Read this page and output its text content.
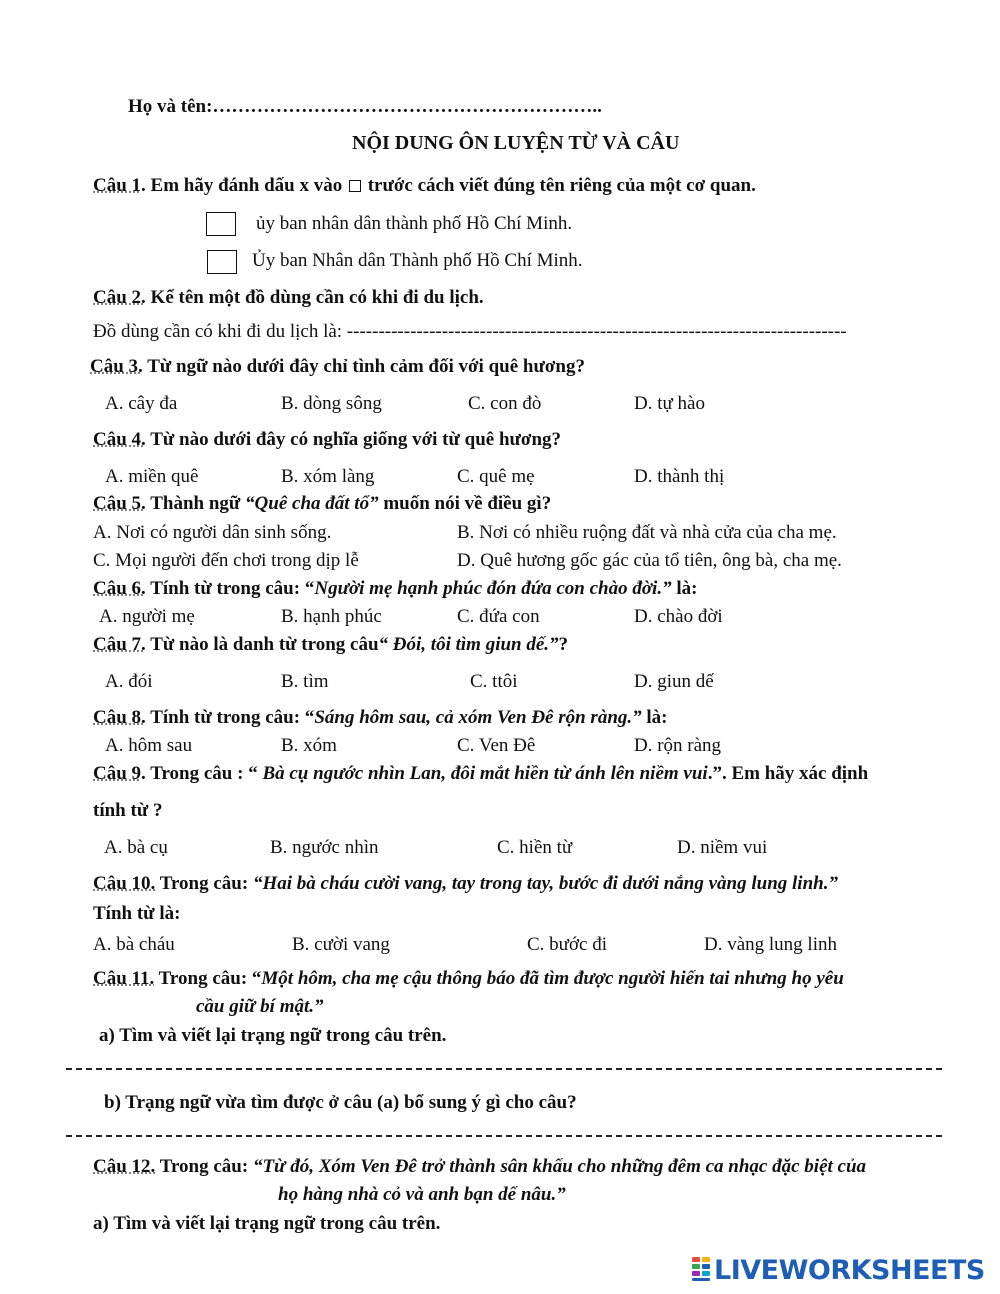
Họ và tên:……………………………………………………..
NỘI DUNG ÔN LUYỆN TỪ VÀ CÂU
Câu 1. Em hãy đánh dấu x vào trước cách viết đúng tên riêng của một cơ quan.
ủy ban nhân dân thành phố Hồ Chí Minh.
Ủy ban Nhân dân Thành phố Hồ Chí Minh.
Câu 2. Kể tên một đồ dùng cần có khi đi du lịch.
Đồ dùng cần có khi đi du lịch là: -------------------------------------------------------------------------------
Câu 3. Từ ngữ nào dưới đây chỉ tình cảm đối với quê hương?
A. cây đa	B. dòng sông	C. con đò	D. tự hào
Câu 4. Từ nào dưới đây có nghĩa giống với từ quê hương?
A. miền quê	B. xóm làng	C. quê mẹ	D. thành thị
Câu 5. Thành ngữ “Quê cha đất tổ” muốn nói về điều gì?
A. Nơi có người dân sinh sống.	B. Nơi có nhiều ruộng đất và nhà cửa của cha mẹ.
C. Mọi người đến chơi trong dịp lễ	D. Quê hương gốc gác của tổ tiên, ông bà, cha mẹ.
Câu 6. Tính từ trong câu: “Người mẹ hạnh phúc đón đứa con chào đời.” là:
A. người mẹ	B. hạnh phúc	C. đứa con	D. chào đời
Câu 7. Từ nào là danh từ trong câu“ Đói, tôi tìm giun dế.”?
A. đói	B. tìm	C. ttôi	D. giun dế
Câu 8. Tính từ trong câu: “Sáng hôm sau, cả xóm Ven Đê rộn ràng.” là:
A. hôm sau	B. xóm	C. Ven Đê	D. rộn ràng
Câu 9. Trong câu : “ Bà cụ ngước nhìn Lan, đôi mắt hiền từ ánh lên niềm vui.”. Em hãy xác định
tính từ ?
A. bà cụ	B. ngước nhìn	C. hiền từ	D. niềm vui
Câu 10. Trong câu: “Hai bà cháu cười vang, tay trong tay, bước đi dưới nắng vàng lung linh.”
Tính từ là:
A. bà cháu	B. cười vang	C. bước đi	D. vàng lung linh
Câu 11. Trong câu: “Một hôm, cha mẹ cậu thông báo đã tìm được người hiến tai nhưng họ yêu
cầu giữ bí mật.”
a) Tìm và viết lại trạng ngữ trong câu trên.
b) Trạng ngữ vừa tìm được ở câu (a) bổ sung ý gì cho câu?
Câu 12. Trong câu: “Từ đó, Xóm Ven Đê trở thành sân khấu cho những đêm ca nhạc đặc biệt của
họ hàng nhà cỏ và anh bạn dế nâu.”
a) Tìm và viết lại trạng ngữ trong câu trên.
LIVEWORKSHEETS
